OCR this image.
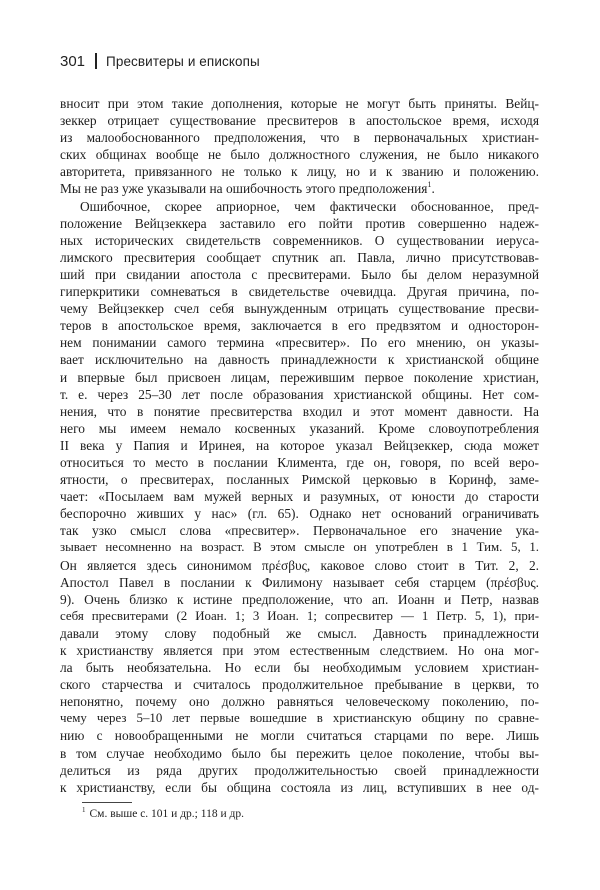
301 Пресвитеры и епископы
вносит при этом такие дополнения, которые не могут быть приняты. Вейц-
зеккер отрицает существование пресвитеров в апостольское время, исходя
из малообоснованного предположения, что в первоначальных христиан-
ских общинах вообще не было должностного служения, не было никакого
авторитета, привязанного не только к лицу, но и к званию и положению.
Мы не раз уже указывали на ошибочность этого предположения$^1$.
Ошибочное, скорее априорное, чем фактически обоснованное, пред-
положение Вейцзеккера заставило его пойти против совершенно надеж-
ных исторических свидетельств современников. О существовании иеруса-
лимского пресвитерия сообщает спутник ап. Павла, лично присутствовав-
ший при свидании апостола с пресвитерами. Было бы делом неразумной
гиперкритики сомневаться в свидетельстве очевидца. Другая причина, по-
чему Вейцзеккер счел себя вынужденным отрицать существование пресви-
теров в апостольское время, заключается в его предвзятом и односторон-
нем понимании самого термина «пресвитер». По его мнению, он указы-
вает исключительно на давность принадлежности к христианской общине
и впервые был присвоен лицам, пережившим первое поколение христиан,
т. е. через 25–30 лет после образования христианской общины. Нет сом-
нения, что в понятие пресвитерства входил и этот момент давности. На
него мы имеем немало косвенных указаний. Кроме словоупотребления
II века у Папия и Иринея, на которое указал Вейцзеккер, сюда может
относиться то место в послании Климента, где он, говоря, по всей веро-
ятности, о пресвитерах, посланных Римской церковью в Коринф, заме-
чает: «Посылаем вам мужей верных и разумных, от юности до старости
беспорочно живших у нас» (гл. 65). Однако нет оснований ограничивать
так узко смысл слова «пресвитер». Первоначальное его значение ука-
зывает несомненно на возраст. В этом смысле он употреблен в 1 Тим. 5, 1.
Он является здесь синонимом πρέσβυς, каковое слово стоит в Тит. 2, 2.
Апостол Павел в послании к Филимону называет себя старцем (πρέσβυς.
9). Очень близко к истине предположение, что ап. Иоанн и Петр, назвав
себя пресвитерами (2 Иоан. 1; 3 Иоан. 1; сопресвитер — 1 Петр. 5, 1), при-
давали этому слову подобный же смысл. Давность принадлежности
к христианству является при этом естественным следствием. Но она мог-
ла быть необязательна. Но если бы необходимым условием христиан-
ского старчества и считалось продолжительное пребывание в церкви, то
непонятно, почему оно должно равняться человеческому поколению, по-
чему через 5–10 лет первые вошедшие в христианскую общину по сравне-
нию с новообращенными не могли считаться старцами по вере. Лишь
в том случае необходимо было бы пережить целое поколение, чтобы вы-
делиться из ряда других продолжительностью своей принадлежности
к христианству, если бы община состояла из лиц, вступивших в нее од-
$^1$ См. выше с. 101 и др.; 118 и др.
